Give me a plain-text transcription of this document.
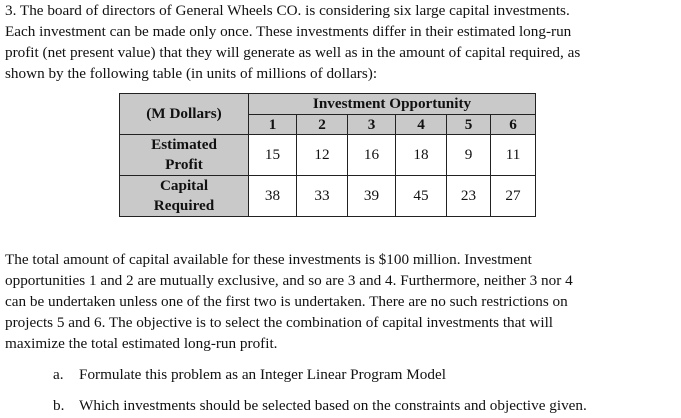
3. The board of directors of General Wheels CO. is considering six large capital investments.
Each investment can be made only once. These investments differ in their estimated long-run
profit (net present value) that they will generate as well as in the amount of capital required, as
shown by the following table (in units of millions of dollars):
(M Dollars)	Investment Opportunity					
	1	2	3	4	5	6
Estimated
Profit	15	12	16	18	9	11
Capital
Required	38	33	39	45	23	27
The total amount of capital available for these investments is $100 million. Investment
opportunities 1 and 2 are mutually exclusive, and so are 3 and 4. Furthermore, neither 3 nor 4
can be undertaken unless one of the first two is undertaken. There are no such restrictions on
projects 5 and 6. The objective is to select the combination of capital investments that will
maximize the total estimated long-run profit.
a. Formulate this problem as an Integer Linear Program Model
b. Which investments should be selected based on the constraints and objective given.
